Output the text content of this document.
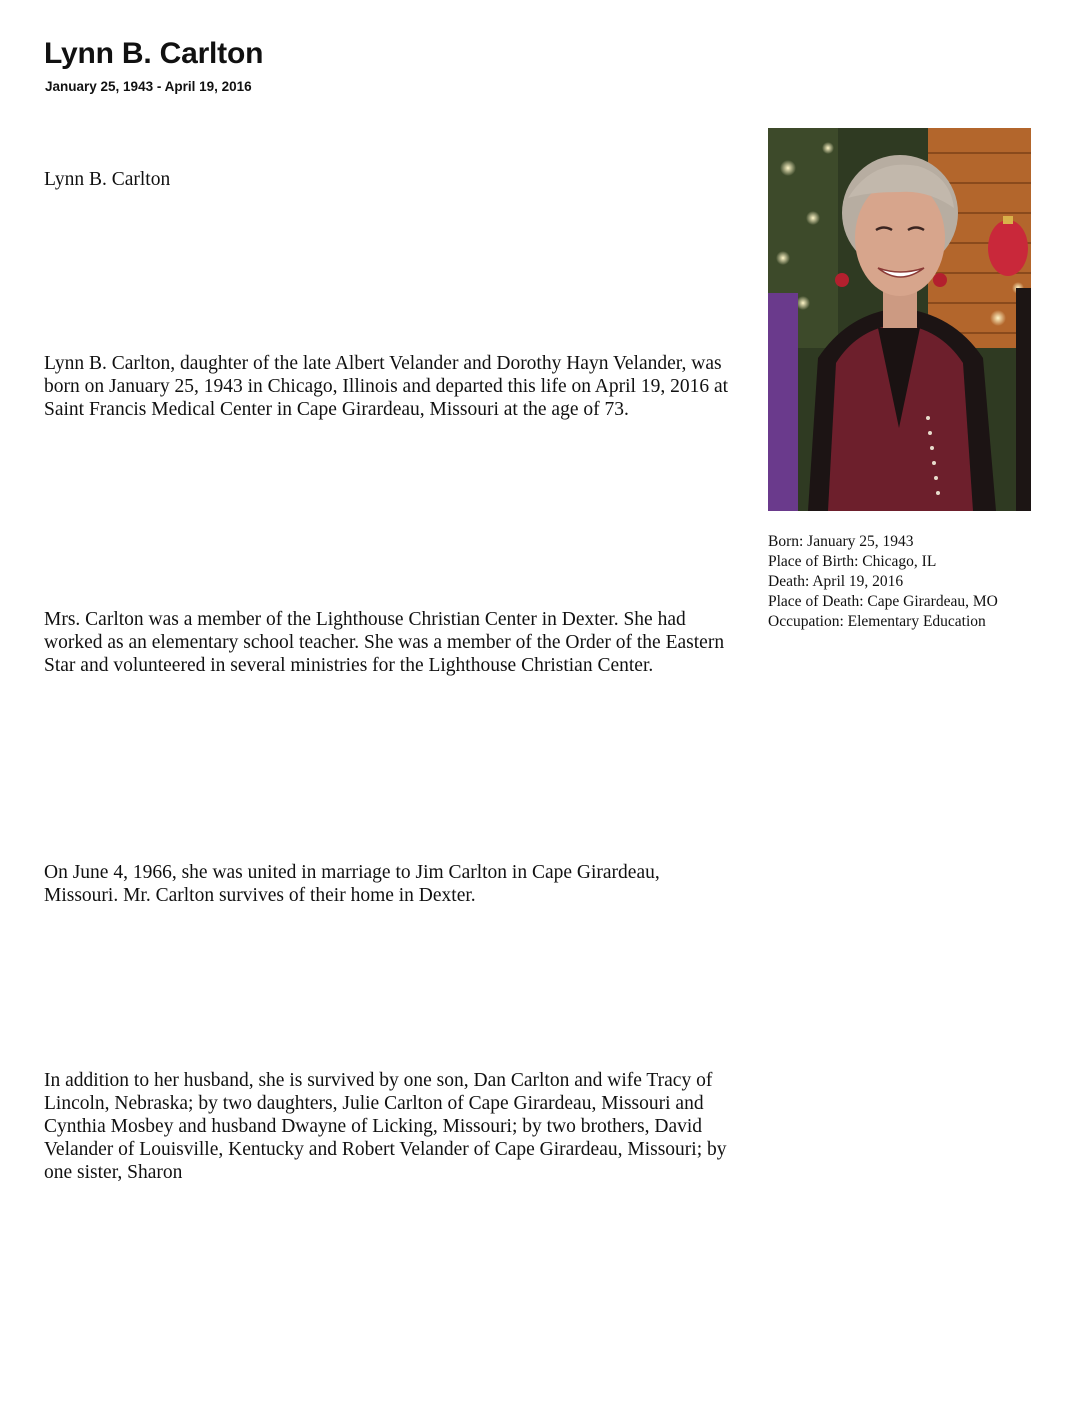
Lynn B. Carlton
January 25, 1943 - April 19, 2016

Lynn B. Carlton

Lynn B. Carlton, daughter of the late Albert Velander and Dorothy Hayn Velander, was born on January 25, 1943 in Chicago, Illinois and departed this life on April 19, 2016 at Saint Francis Medical Center in Cape Girardeau, Missouri at the age of 73.

Mrs. Carlton was a member of the Lighthouse Christian Center in Dexter. She had worked as an elementary school teacher. She was a member of the Order of the Eastern Star and volunteered in several ministries for the Lighthouse Christian Center.

On June 4, 1966, she was united in marriage to Jim Carlton in Cape Girardeau, Missouri. Mr. Carlton survives of their home in Dexter.

In addition to her husband, she is survived by one son, Dan Carlton and wife Tracy of Lincoln, Nebraska; by two daughters, Julie Carlton of Cape Girardeau, Missouri and Cynthia Mosbey and husband Dwayne of Licking, Missouri; by two brothers, David Velander of Louisville, Kentucky and Robert Velander of Cape Girardeau, Missouri; by one sister, Sharon

Born: January 25, 1943
Place of Birth: Chicago, IL
Death: April 19, 2016
Place of Death: Cape Girardeau, MO
Occupation: Elementary Education
